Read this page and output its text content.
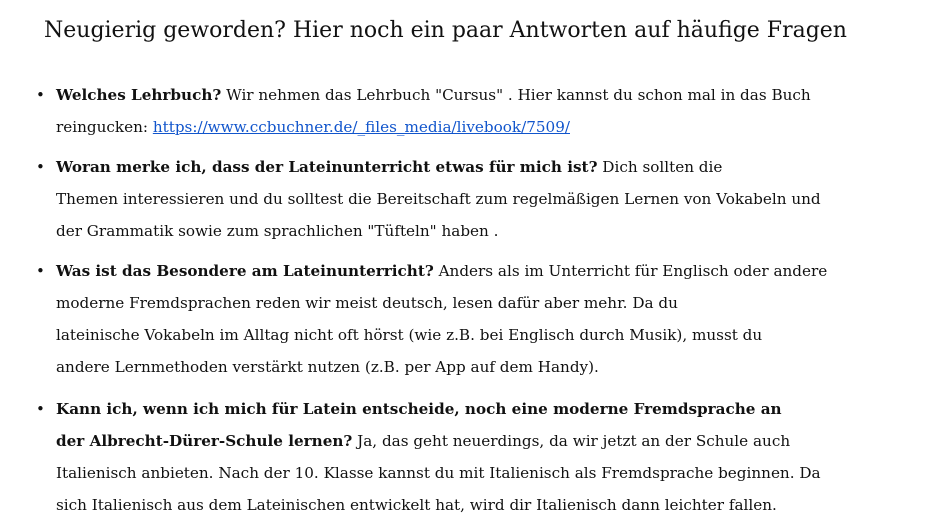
Neugierig geworden? Hier noch ein paar Antworten auf häufige Fragen
• Welches Lehrbuch? Wir nehmen das Lehrbuch "Cursus" . Hier kannst du schon mal in das Buch
reingucken: https://www.ccbuchner.de/_files_media/livebook/7509/
• Woran merke ich, dass der Lateinunterricht etwas für mich ist? Dich sollten die
Themen interessieren und du solltest die Bereitschaft zum regelmäßigen Lernen von Vokabeln und
der Grammatik sowie zum sprachlichen "Tüfteln" haben .
• Was ist das Besondere am Lateinunterricht? Anders als im Unterricht für Englisch oder andere
moderne Fremdsprachen reden wir meist deutsch, lesen dafür aber mehr. Da du
lateinische Vokabeln im Alltag nicht oft hörst (wie z.B. bei Englisch durch Musik), musst du
andere Lernmethoden verstärkt nutzen (z.B. per App auf dem Handy).
• Kann ich, wenn ich mich für Latein entscheide, noch eine moderne Fremdsprache an
der Albrecht-Dürer-Schule lernen? Ja, das geht neuerdings, da wir jetzt an der Schule auch
Italienisch anbieten. Nach der 10. Klasse kannst du mit Italienisch als Fremdsprache beginnen. Da
sich Italienisch aus dem Lateinischen entwickelt hat, wird dir Italienisch dann leichter fallen.
